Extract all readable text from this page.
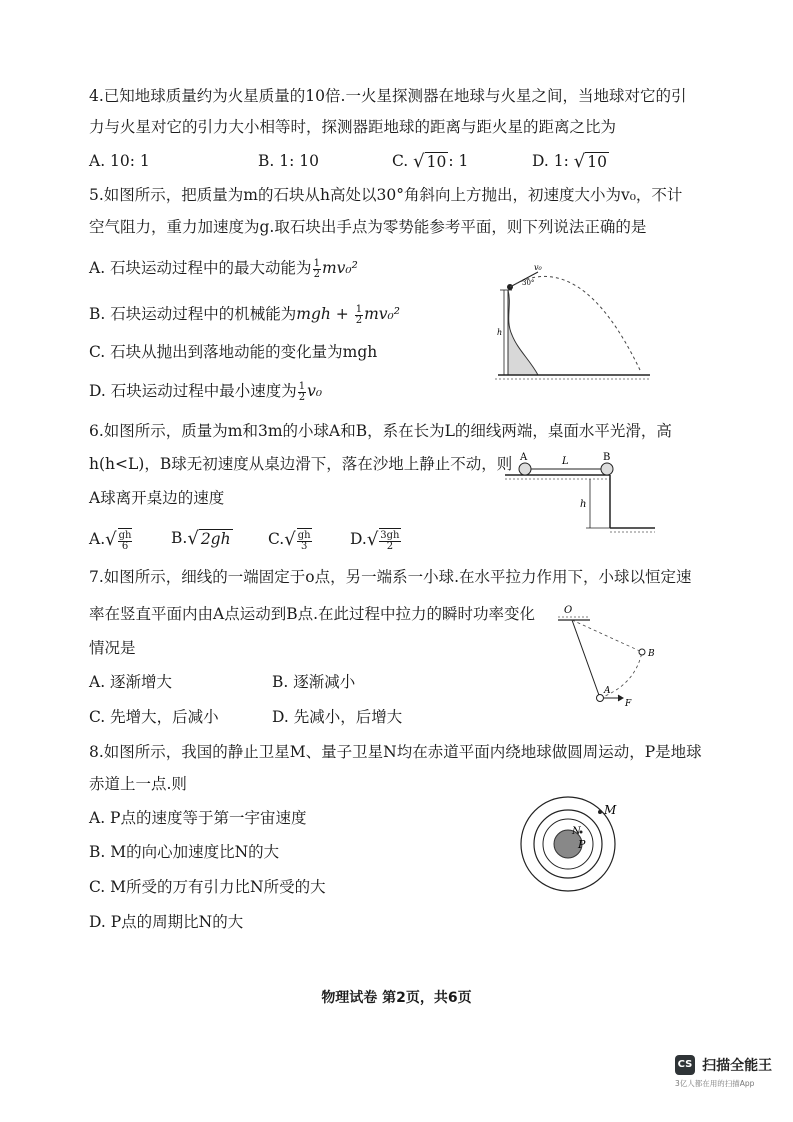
4.已知地球质量约为火星质量的10倍.一火星探测器在地球与火星之间，当地球对它的引
力与火星对它的引力大小相等时，探测器距地球的距离与距火星的距离之比为
A. 10: 1	B. 1: 10	C. √ 10 : 1	D. 1: √ 10
5.如图所示，把质量为m的石块从h高处以30°角斜向上方抛出，初速度大小为v₀，不计
空气阻力，重力加速度为g.取石块出手点为零势能参考平面，则下列说法正确的是
A. 石块运动过程中的最大动能为 $\frac{1}{2} mv_0^2$
B. 石块运动过程中的机械能为mgh + $\frac{1}{2} mv_0^2$
C. 石块从抛出到落地动能的变化量为mgh
D. 石块运动过程中最小速度为 $\frac{1}{2} v_0$
v₀
30°
h
6.如图所示，质量为m和3m的小球A和B，系在长为L的细线两端，桌面水平光滑，高
h(h<L)，B球无初速度从桌边滑下，落在沙地上静止不动，则
A球离开桌边的速度
A. √ $\frac{gh}{6} B.√$ 2gh C. √ $\frac{gh}{3} D$. √ $\frac{3gh}{2}$
A	L	B
h
7.如图所示，细线的一端固定于o点，另一端系一小球.在水平拉力作用下，小球以恒定速
率在竖直平面内由A点运动到B点.在此过程中拉力的瞬时功率变化
情况是
A. 逐渐增大	B. 逐渐减小
C. 先增大，后减小	D. 先减小，后增大
O
A
B
F
8.如图所示，我国的静止卫星M、量子卫星N均在赤道平面内绕地球做圆周运动，P是地球
赤道上一点.则
A. P点的速度等于第一宇宙速度
B. M的向心加速度比N的大
C. M所受的万有引力比N所受的大
D. P点的周期比N的大
M
N
P
物理试卷 第2页，共6页
CS 扫描全能王
3亿人都在用的扫描App
